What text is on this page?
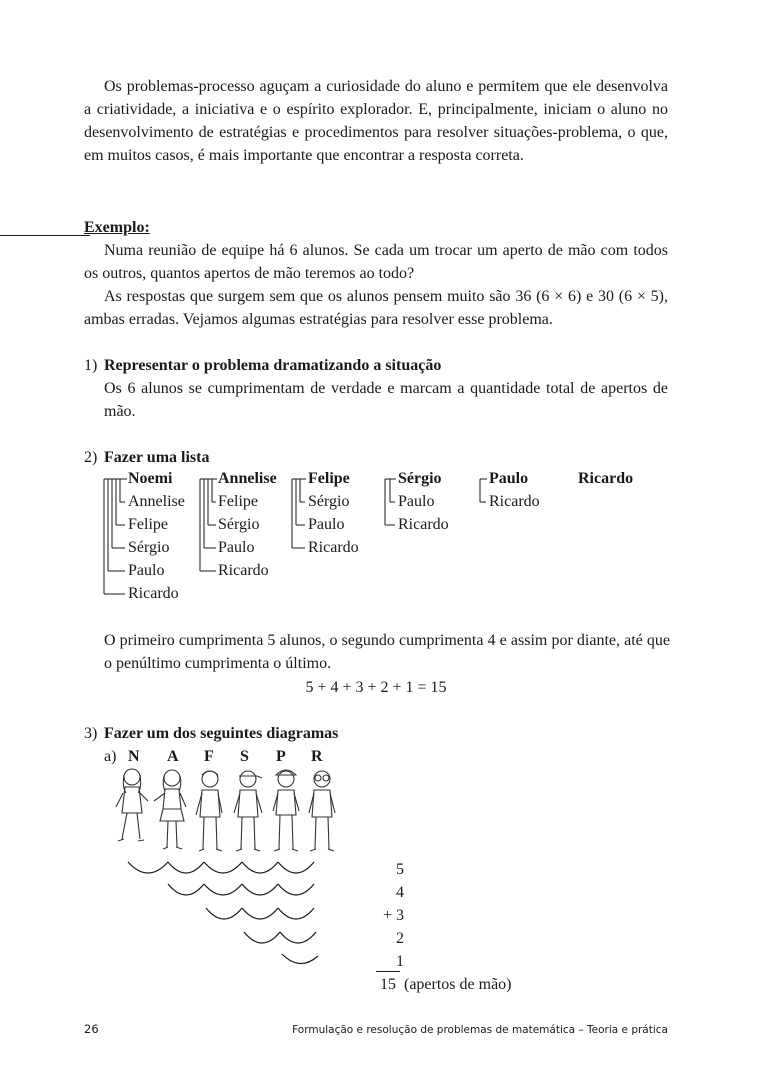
Os problemas-processo aguçam a curiosidade do aluno e permitem que ele desenvolva a criatividade, a iniciativa e o espírito explorador. E, principalmente, iniciam o aluno no desenvolvimento de estratégias e procedimentos para resolver situações-problema, o que, em muitos casos, é mais importante que encontrar a resposta correta.

Exemplo:

Numa reunião de equipe há 6 alunos. Se cada um trocar um aperto de mão com todos os outros, quantos apertos de mão teremos ao todo?

As respostas que surgem sem que os alunos pensem muito são 36 (6 × 6) e 30 (6 × 5), ambas erradas. Vejamos algumas estratégias para resolver esse problema.

1) Representar o problema dramatizando a situação

Os 6 alunos se cumprimentam de verdade e marcam a quantidade total de apertos de mão.

2) Fazer uma lista
Noemi
Annelise
Felipe
Sérgio
Paulo
Ricardo
Annelise
Felipe
Sérgio
Paulo
Ricardo
Felipe
Sérgio
Paulo
Ricardo
Sérgio
Paulo
Ricardo
Paulo
Ricardo
Ricardo

O primeiro cumprimenta 5 alunos, o segundo cumprimenta 4 e assim por diante, até que o penúltimo cumprimenta o último.

5 + 4 + 3 + 2 + 1 = 15
3) Fazer um dos seguintes diagramas
a) N A F S P R
5
4
+ 3
2
1
15 (apertos de mão)
26	Formulação e resolução de problemas de matemática – Teoria e prática
